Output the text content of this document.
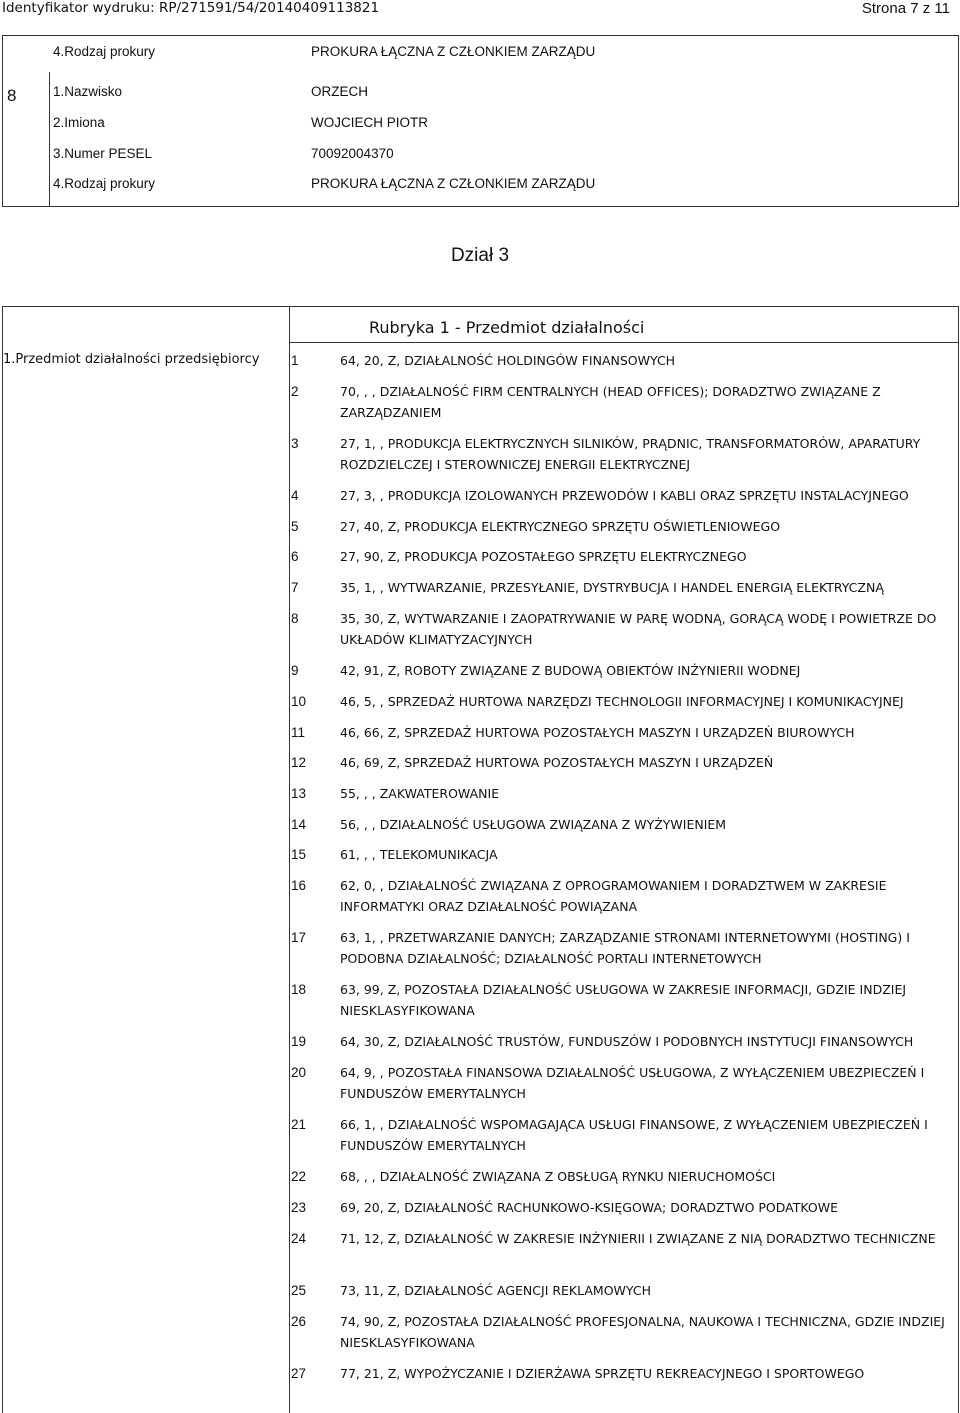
Identyfikator wydruku: RP/271591/54/20140409113821	Strona 7 z 11
4.Rodzaj prokury	PROKURA ŁĄCZNA Z CZŁONKIEM ZARZĄDU
8	1.Nazwisko	ORZECH
2.Imiona	WOJCIECH PIOTR
3.Numer PESEL	70092004370
4.Rodzaj prokury	PROKURA ŁĄCZNA Z CZŁONKIEM ZARZĄDU
Dział 3
Rubryka 1 - Przedmiot działalności
1.Przedmiot działalności przedsiębiorcy 1	64, 20, Z, DZIAŁALNOŚĆ HOLDINGÓW FINANSOWYCH
2	70, , , DZIAŁALNOŚĆ FIRM CENTRALNYCH (HEAD OFFICES); DORADZTWO ZWIĄZANE Z ZARZĄDZANIEM
3	27, 1, , PRODUKCJA ELEKTRYCZNYCH SILNIKÓW, PRĄDNIC, TRANSFORMATORÓW, APARATURY ROZDZIELCZEJ I STEROWNICZEJ ENERGII ELEKTRYCZNEJ
4	27, 3, , PRODUKCJA IZOLOWANYCH PRZEWODÓW I KABLI ORAZ SPRZĘTU INSTALACYJNEGO
5	27, 40, Z, PRODUKCJA ELEKTRYCZNEGO SPRZĘTU OŚWIETLENIOWEGO
6	27, 90, Z, PRODUKCJA POZOSTAŁEGO SPRZĘTU ELEKTRYCZNEGO
7	35, 1, , WYTWARZANIE, PRZESYŁANIE, DYSTRYBUCJA I HANDEL ENERGIĄ ELEKTRYCZNĄ
8	35, 30, Z, WYTWARZANIE I ZAOPATRYWANIE W PARĘ WODNĄ, GORĄCĄ WODĘ I POWIETRZE DO UKŁADÓW KLIMATYZACYJNYCH
9	42, 91, Z, ROBOTY ZWIĄZANE Z BUDOWĄ OBIEKTÓW INŻYNIERII WODNEJ
10	46, 5, , SPRZEDAŻ HURTOWA NARZĘDZI TECHNOLOGII INFORMACYJNEJ I KOMUNIKACYJNEJ
11	46, 66, Z, SPRZEDAŻ HURTOWA POZOSTAŁYCH MASZYN I URZĄDZEŃ BIUROWYCH
12	46, 69, Z, SPRZEDAŻ HURTOWA POZOSTAŁYCH MASZYN I URZĄDZEŃ
13	55, , , ZAKWATEROWANIE
14	56, , , DZIAŁALNOŚĆ USŁUGOWA ZWIĄZANA Z WYŻYWIENIEM
15	61, , , TELEKOMUNIKACJA
16	62, 0, , DZIAŁALNOŚĆ ZWIĄZANA Z OPROGRAMOWANIEM I DORADZTWEM W ZAKRESIE INFORMATYKI ORAZ DZIAŁALNOŚĆ POWIĄZANA
17	63, 1, , PRZETWARZANIE DANYCH; ZARZĄDZANIE STRONAMI INTERNETOWYMI (HOSTING) I PODOBNA DZIAŁALNOŚĆ; DZIAŁALNOŚĆ PORTALI INTERNETOWYCH
18	63, 99, Z, POZOSTAŁA DZIAŁALNOŚĆ USŁUGOWA W ZAKRESIE INFORMACJI, GDZIE INDZIEJ NIESKLASYFIKOWANA
19	64, 30, Z, DZIAŁALNOŚĆ TRUSTÓW, FUNDUSZÓW I PODOBNYCH INSTYTUCJI FINANSOWYCH
20	64, 9, , POZOSTAŁA FINANSOWA DZIAŁALNOŚĆ USŁUGOWA, Z WYŁĄCZENIEM UBEZPIECZEŃ I FUNDUSZÓW EMERYTALNYCH
21	66, 1, , DZIAŁALNOŚĆ WSPOMAGAJĄCA USŁUGI FINANSOWE, Z WYŁĄCZENIEM UBEZPIECZEŃ I FUNDUSZÓW EMERYTALNYCH
22	68, , , DZIAŁALNOŚĆ ZWIĄZANA Z OBSŁUGĄ RYNKU NIERUCHOMOŚCI
23	69, 20, Z, DZIAŁALNOŚĆ RACHUNKOWO-KSIĘGOWA; DORADZTWO PODATKOWE
24	71, 12, Z, DZIAŁALNOŚĆ W ZAKRESIE INŻYNIERII I ZWIĄZANE Z NIĄ DORADZTWO TECHNICZNE
25	73, 11, Z, DZIAŁALNOŚĆ AGENCJI REKLAMOWYCH
26	74, 90, Z, POZOSTAŁA DZIAŁALNOŚĆ PROFESJONALNA, NAUKOWA I TECHNICZNA, GDZIE INDZIEJ NIESKLASYFIKOWANA
27	77, 21, Z, WYPOŻYCZANIE I DZIERŻAWA SPRZĘTU REKREACYJNEGO I SPORTOWEGO
